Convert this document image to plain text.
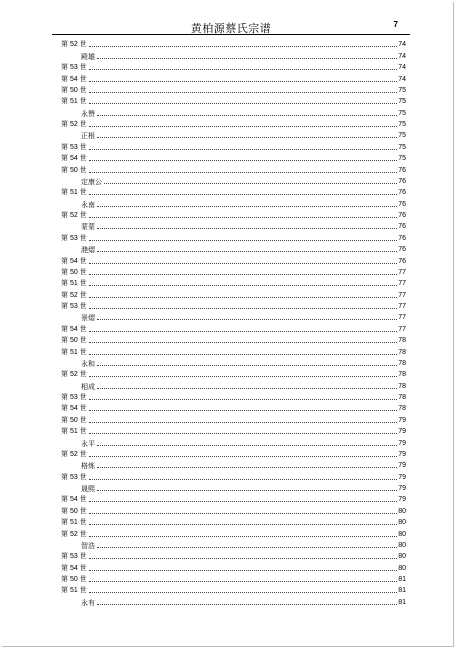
黄柏源蔡氏宗谱	7
第 52 世	74
殿雄	74
第 53 世	74
第 54 世	74
第 50 世	75
第 51 世	75
永赞	75
第 52 世	75
正根	75
第 53 世	75
第 54 世	75
第 50 世	76
定康公	76
第 51 世	76
永南	76
第 52 世	76
蒙蒙	76
第 53 世	76
滟熠	76
第 54 世	76
第 50 世	77
第 51 世	77
第 52 世	77
第 53 世	77
景熠	77
第 54 世	77
第 50 世	78
第 51 世	78
永和	78
第 52 世	78
相成	78
第 53 世	78
第 54 世	78
第 50 世	79
第 51 世	79
永平	79
第 52 世	79
格炼	79
第 53 世	79
晟熙	79
第 54 世	79
第 50 世	80
第 51 世	80
第 52 世	80
智浩	80
第 53 世	80
第 54 世	80
第 50 世	81
第 51 世	81
永有	81
